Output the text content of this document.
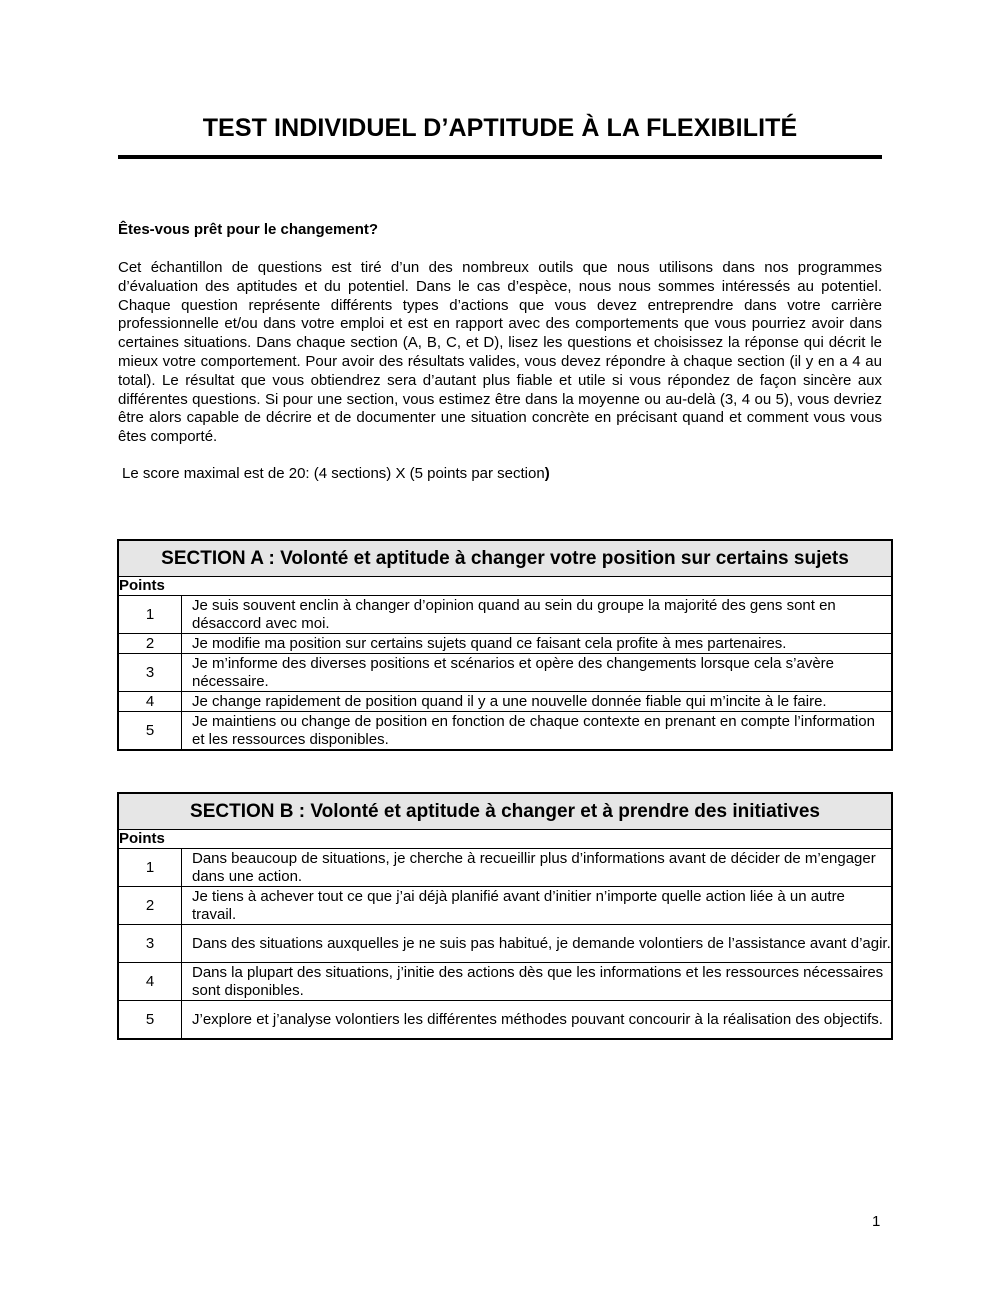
TEST INDIVIDUEL D’APTITUDE À LA FLEXIBILITÉ
Êtes-vous prêt pour le changement?

Cet échantillon de questions est tiré d’un des nombreux outils que nous utilisons dans nos programmes d’évaluation des aptitudes et du potentiel. Dans le cas d’espèce, nous nous sommes intéressés au potentiel. Chaque question représente différents types d’actions que vous devez entreprendre dans votre carrière professionnelle et/ou dans votre emploi et est en rapport avec des comportements que vous pourriez avoir dans certaines situations. Dans chaque section (A, B, C, et D), lisez les questions et choisissez la réponse qui décrit le mieux votre comportement. Pour avoir des résultats valides, vous devez répondre à chaque section (il y en a 4 au total). Le résultat que vous obtiendrez sera d’autant plus fiable et utile si vous répondez de façon sincère aux différentes questions. Si pour une section, vous estimez être dans la moyenne ou au-delà (3, 4 ou 5), vous devriez être alors capable de décrire et de documenter une situation concrète en précisant quand et comment vous vous êtes comporté.

Le score maximal est de 20: (4 sections) X (5 points par section)
SECTION A : Volonté et aptitude à changer votre position sur certains sujets	
Points	
1	Je suis souvent enclin à changer d’opinion quand au sein du groupe la majorité des gens sont en désaccord avec moi.
2	Je modifie ma position sur certains sujets quand ce faisant cela profite à mes partenaires.
3	Je m’informe des diverses positions et scénarios et opère des changements lorsque cela s’avère nécessaire.
4	Je change rapidement de position quand il y a une nouvelle donnée fiable qui m’incite à le faire.
5	Je maintiens ou change de position en fonction de chaque contexte en prenant en compte l’information et les ressources disponibles.
SECTION B : Volonté et aptitude à changer et à prendre des initiatives	
Points	
1	Dans beaucoup de situations, je cherche à recueillir plus d’informations avant de décider de m’engager dans une action.
2	Je tiens à achever tout ce que j’ai déjà planifié avant d’initier n’importe quelle action liée à un autre travail.
3	Dans des situations auxquelles je ne suis pas habitué, je demande volontiers de l’assistance avant d’agir.
4	Dans la plupart des situations, j’initie des actions dès que les informations et les ressources nécessaires sont disponibles.
5	J’explore et j’analyse volontiers les différentes méthodes pouvant concourir à la réalisation des objectifs.
1
